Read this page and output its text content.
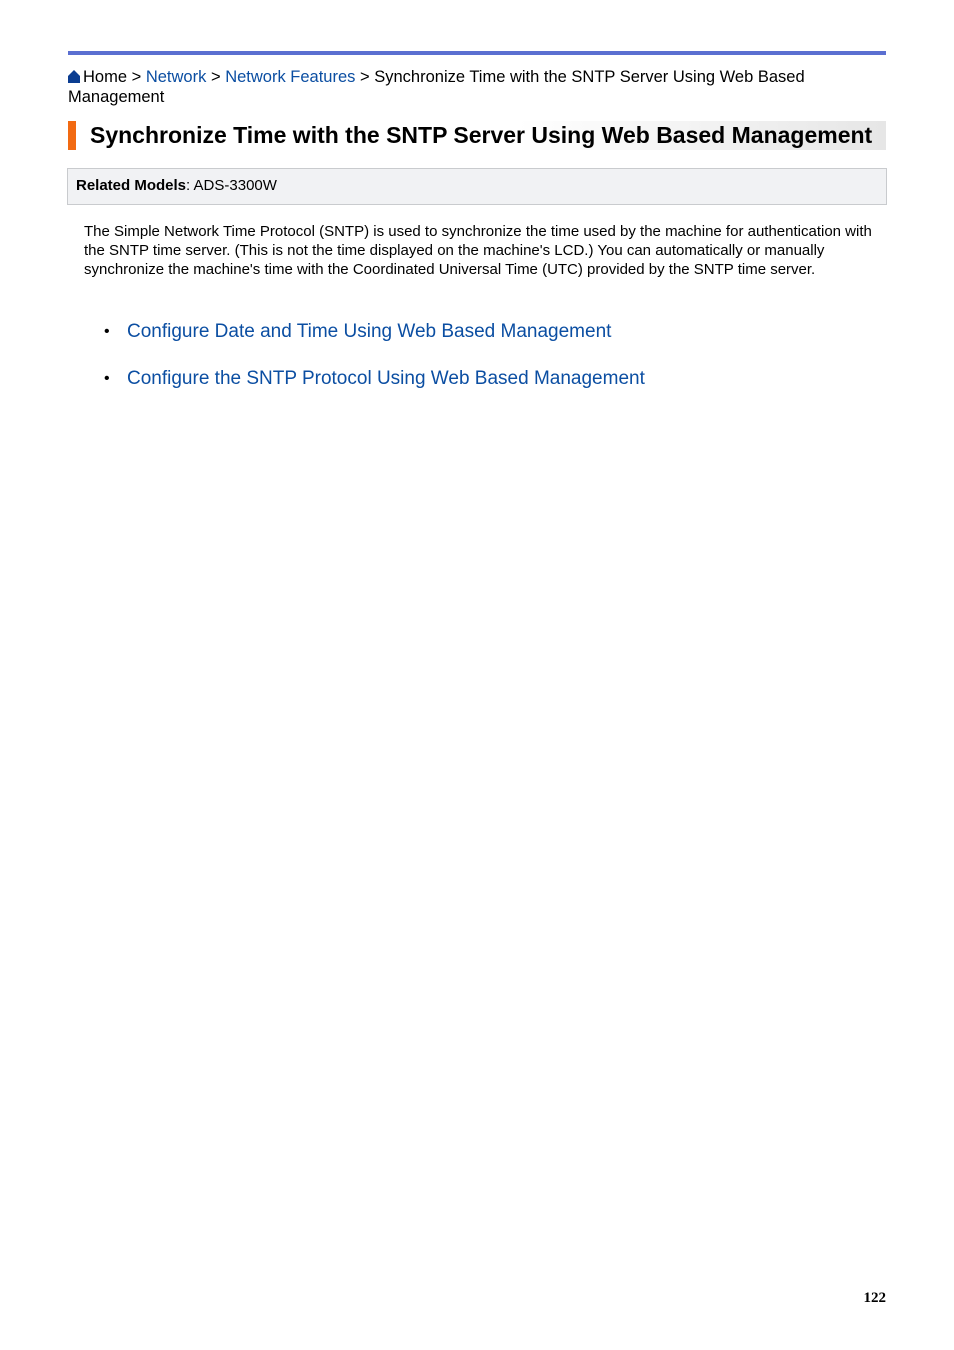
Home > Network > Network Features > Synchronize Time with the SNTP Server Using Web Based Management
Synchronize Time with the SNTP Server Using Web Based Management
Related Models: ADS-3300W
The Simple Network Time Protocol (SNTP) is used to synchronize the time used by the machine for authentication with the SNTP time server. (This is not the time displayed on the machine's LCD.) You can automatically or manually synchronize the machine's time with the Coordinated Universal Time (UTC) provided by the SNTP time server.
• Configure Date and Time Using Web Based Management
• Configure the SNTP Protocol Using Web Based Management
122
